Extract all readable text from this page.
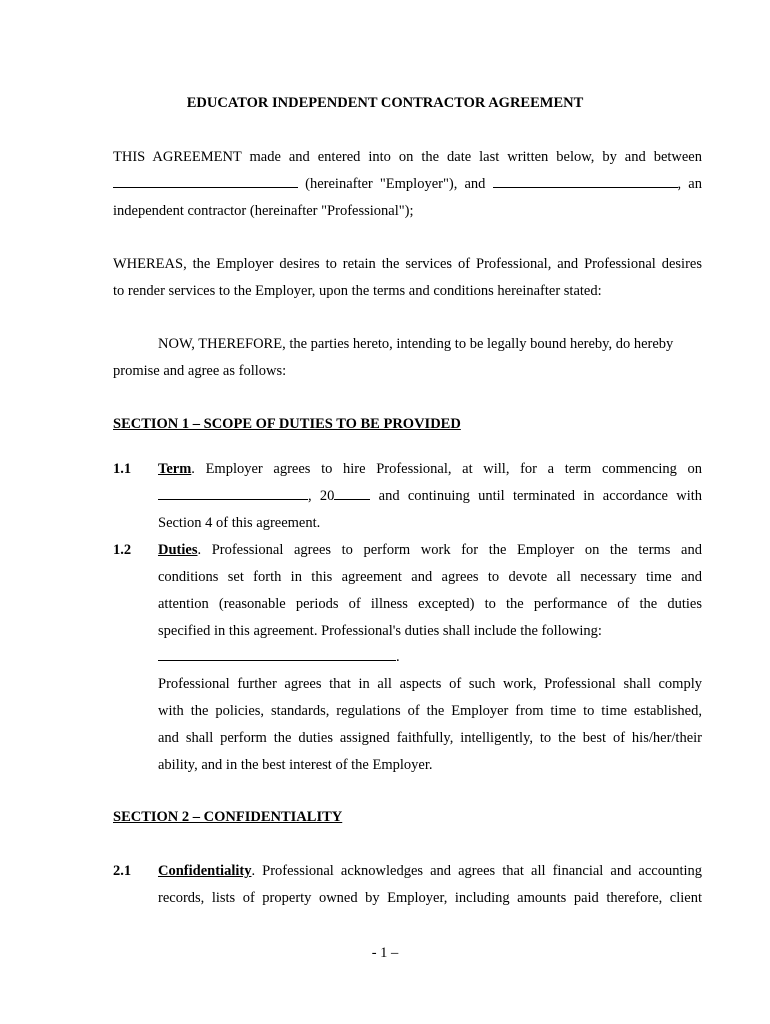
EDUCATOR INDEPENDENT CONTRACTOR AGREEMENT
THIS AGREEMENT made and entered into on the date last written below, by and between
(hereinafter "Employer"), and	, an
independent contractor (hereinafter "Professional");
WHEREAS, the Employer desires to retain the services of Professional, and Professional desires
to render services to the Employer, upon the terms and conditions hereinafter stated:
NOW, THEREFORE, the parties hereto, intending to be legally bound hereby, do hereby
promise and agree as follows:
SECTION 1 – SCOPE OF DUTIES TO BE PROVIDED
1.1 Term. Employer agrees to hire Professional, at will, for a term commencing on
, 20 and continuing until terminated in accordance with
Section 4 of this agreement.
1.2 Duties. Professional agrees to perform work for the Employer on the terms and
conditions set forth in this agreement and agrees to devote all necessary time and
attention (reasonable periods of illness excepted) to the performance of the duties
specified in this agreement. Professional's duties shall include the following:
.
Professional further agrees that in all aspects of such work, Professional shall comply
with the policies, standards, regulations of the Employer from time to time established,
and shall perform the duties assigned faithfully, intelligently, to the best of his/her/their
ability, and in the best interest of the Employer.
SECTION 2 – CONFIDENTIALITY
2.1 Confidentiality. Professional acknowledges and agrees that all financial and accounting
records, lists of property owned by Employer, including amounts paid therefore, client
- 1 –
